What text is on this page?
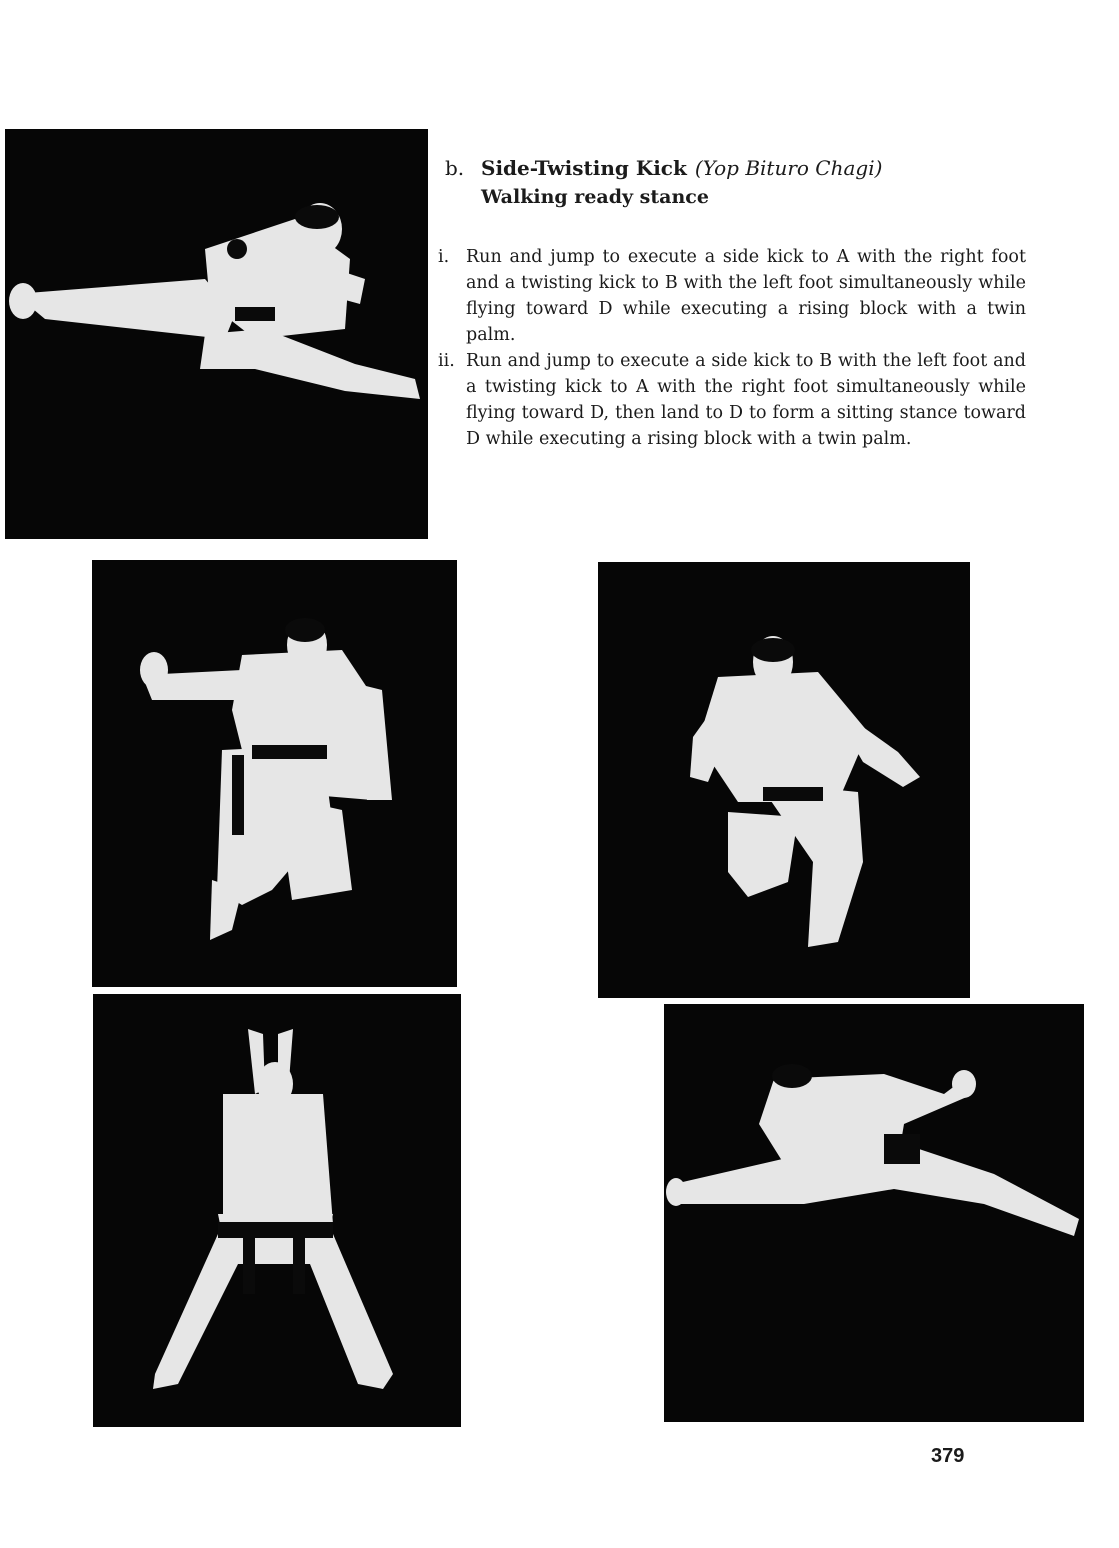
b. Side-Twisting Kick (Yop Bituro Chagi)
Walking ready stance

i. Run and jump to execute a side kick to A with the right foot and a twisting kick to B with the left foot simultaneously while flying toward D while executing a rising block with a twin palm.

ii. Run and jump to execute a side kick to B with the left foot and a twisting kick to A with the right foot simultaneously while flying toward D, then land to D to form a sitting stance toward D while executing a rising block with a twin palm.

379
